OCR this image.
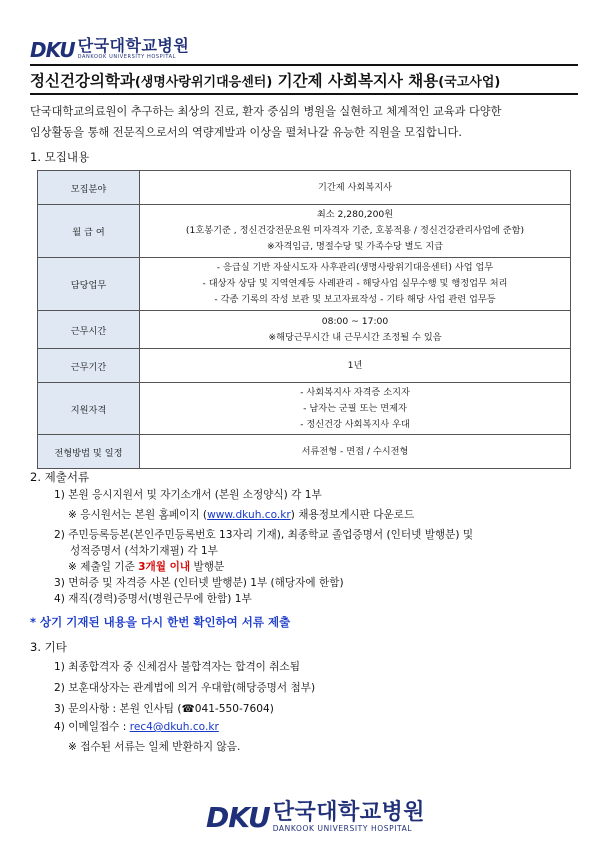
DKU 단국대학교병원
DANKOOK UNIVERSITY HOSPITAL
정신건강의학과(생명사랑위기대응센터) 기간제 사회복지사 채용(국고사업)
단국대학교의료원이 추구하는 최상의 진료, 환자 중심의 병원을 실현하고 체계적인 교육과 다양한
임상활동을 통해 전문직으로서의 역량계발과 이상을 펼쳐나갈 유능한 직원을 모집합니다.
1. 모집내용
모집분야	기간제 사회복지사
월 급 여	최소 2,280,200원
(1호봉기준 , 정신건강전문요원 미자격자 기준, 호봉적용 / 정신건강관리사업에 준함)
※자격임금, 명절수당 및 가족수당 별도 지급

담당업무	- 응급실 기반 자살시도자 사후관리(생명사랑위기대응센터) 사업 업무
- 대상자 상담 및 지역연계등 사례관리 - 해당사업 실무수행 및 행정업무 처리
- 각종 기록의 작성 보관 및 보고자료작성 - 기타 해당 사업 관련 업무등

근무시간	08:00 ~ 17:00
※해당근무시간 내 근무시간 조정될 수 있음

근무기간	1년
지원자격	- 사회복지사 자격증 소지자
- 남자는 군필 또는 면제자
- 정신건강 사회복지사 우대

전형방법 및 일정	서류전형 - 면접 / 수시전형
2. 제출서류
1) 본원 응시지원서 및 자기소개서 (본원 소정양식) 각 1부
※ 응시원서는 본원 홈페이지 (www.dkuh.co.kr) 채용정보게시판 다운로드
2) 주민등록등본(본인주민등록번호 13자리 기재), 최종학교 졸업증명서 (인터넷 발행분) 및
성적증명서 (석차기재필) 각 1부
※ 제출일 기준 3개월 이내 발행분
3) 면허증 및 자격증 사본 (인터넷 발행분) 1부 (해당자에 한함)
4) 재직(경력)증명서(병원근무에 한함) 1부
* 상기 기재된 내용을 다시 한번 확인하여 서류 제출
3. 기타
1) 최종합격자 중 신체검사 불합격자는 합격이 취소됨
2) 보훈대상자는 관계법에 의거 우대함(해당증명서 첨부)
3) 문의사항 : 본원 인사팀 (☎041-550-7604)
4) 이메일접수 : rec4@dkuh.co.kr
※ 접수된 서류는 일체 반환하지 않음.
DKU 단국대학교병원
DANKOOK UNIVERSITY HOSPITAL
